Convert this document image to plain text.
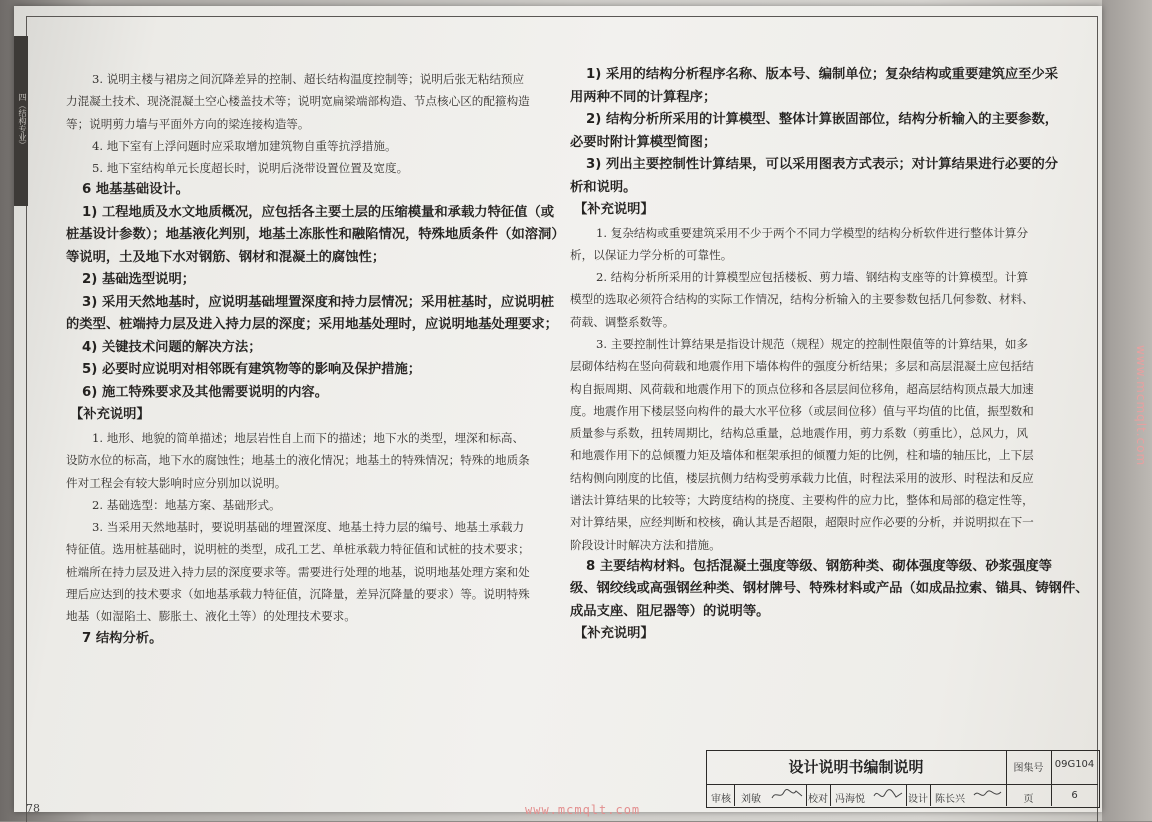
四（结构专业）
78

3. 说明主楼与裙房之间沉降差异的控制、超长结构温度控制等；说明后张无粘结预应

力混凝土技术、现浇混凝土空心楼盖技术等；说明宽扁梁端部构造、节点核心区的配箍构造

等；说明剪力墙与平面外方向的梁连接构造等。

4. 地下室有上浮问题时应采取增加建筑物自重等抗浮措施。

5. 地下室结构单元长度超长时，说明后浇带设置位置及宽度。

6 地基基础设计。

1) 工程地质及水文地质概况，应包括各主要土层的压缩模量和承载力特征值（或

桩基设计参数）；地基液化判别，地基土冻胀性和融陷情况，特殊地质条件（如溶洞）

等说明，土及地下水对钢筋、钢材和混凝土的腐蚀性；

2) 基础选型说明；

3) 采用天然地基时，应说明基础埋置深度和持力层情况；采用桩基时，应说明桩

的类型、桩端持力层及进入持力层的深度；采用地基处理时，应说明地基处理要求；

4) 关键技术问题的解决方法；

5) 必要时应说明对相邻既有建筑物等的影响及保护措施；

6) 施工特殊要求及其他需要说明的内容。

【补充说明】

1. 地形、地貌的简单描述；地层岩性自上而下的描述；地下水的类型，埋深和标高、

设防水位的标高，地下水的腐蚀性；地基土的液化情况；地基土的特殊情况；特殊的地质条

件对工程会有较大影响时应分别加以说明。

2. 基础选型：地基方案、基础形式。

3. 当采用天然地基时，要说明基础的埋置深度、地基土持力层的编号、地基土承载力

特征值。选用桩基础时，说明桩的类型，成孔工艺、单桩承载力特征值和试桩的技术要求；

桩端所在持力层及进入持力层的深度要求等。需要进行处理的地基，说明地基处理方案和处

理后应达到的技术要求（如地基承载力特征值，沉降量，差异沉降量的要求）等。说明特殊

地基（如湿陷土、膨胀土、液化土等）的处理技术要求。

7 结构分析。

1) 采用的结构分析程序名称、版本号、编制单位；复杂结构或重要建筑应至少采

用两种不同的计算程序；

2) 结构分析所采用的计算模型、整体计算嵌固部位，结构分析输入的主要参数，

必要时附计算模型简图；

3) 列出主要控制性计算结果，可以采用图表方式表示；对计算结果进行必要的分

析和说明。

【补充说明】

1. 复杂结构或重要建筑采用不少于两个不同力学模型的结构分析软件进行整体计算分

析，以保证力学分析的可靠性。

2. 结构分析所采用的计算模型应包括楼板、剪力墙、钢结构支座等的计算模型。计算

模型的选取必须符合结构的实际工作情况，结构分析输入的主要参数包括几何参数、材料、

荷载、调整系数等。

3. 主要控制性计算结果是指设计规范（规程）规定的控制性限值等的计算结果，如多

层砌体结构在竖向荷载和地震作用下墙体构件的强度分析结果；多层和高层混凝土应包括结

构自振周期、风荷载和地震作用下的顶点位移和各层层间位移角，超高层结构顶点最大加速

度。地震作用下楼层竖向构件的最大水平位移（或层间位移）值与平均值的比值，振型数和

质量参与系数，扭转周期比，结构总重量，总地震作用，剪力系数（剪重比），总风力，风

和地震作用下的总倾覆力矩及墙体和框架承担的倾覆力矩的比例，柱和墙的轴压比，上下层

结构侧向刚度的比值，楼层抗侧力结构受剪承载力比值，时程法采用的波形、时程法和反应

谱法计算结果的比较等；大跨度结构的挠度、主要构件的应力比，整体和局部的稳定性等，

对计算结果，应经判断和校核，确认其是否超限，超限时应作必要的分析，并说明拟在下一

阶段设计时解决方法和措施。

8 主要结构材料。包括混凝土强度等级、钢筋种类、砌体强度等级、砂浆强度等

级、钢绞线或高强钢丝种类、钢材牌号、特殊材料或产品（如成品拉索、锚具、铸钢件、

成品支座、阻尼器等）的说明等。

【补充说明】

设计说明书编制说明	图集号	09G104
审核	刘敏	校对 冯海悦	设计 陈长兴	页	6
www.mcmqlt.com
www.mcmqlt.com
